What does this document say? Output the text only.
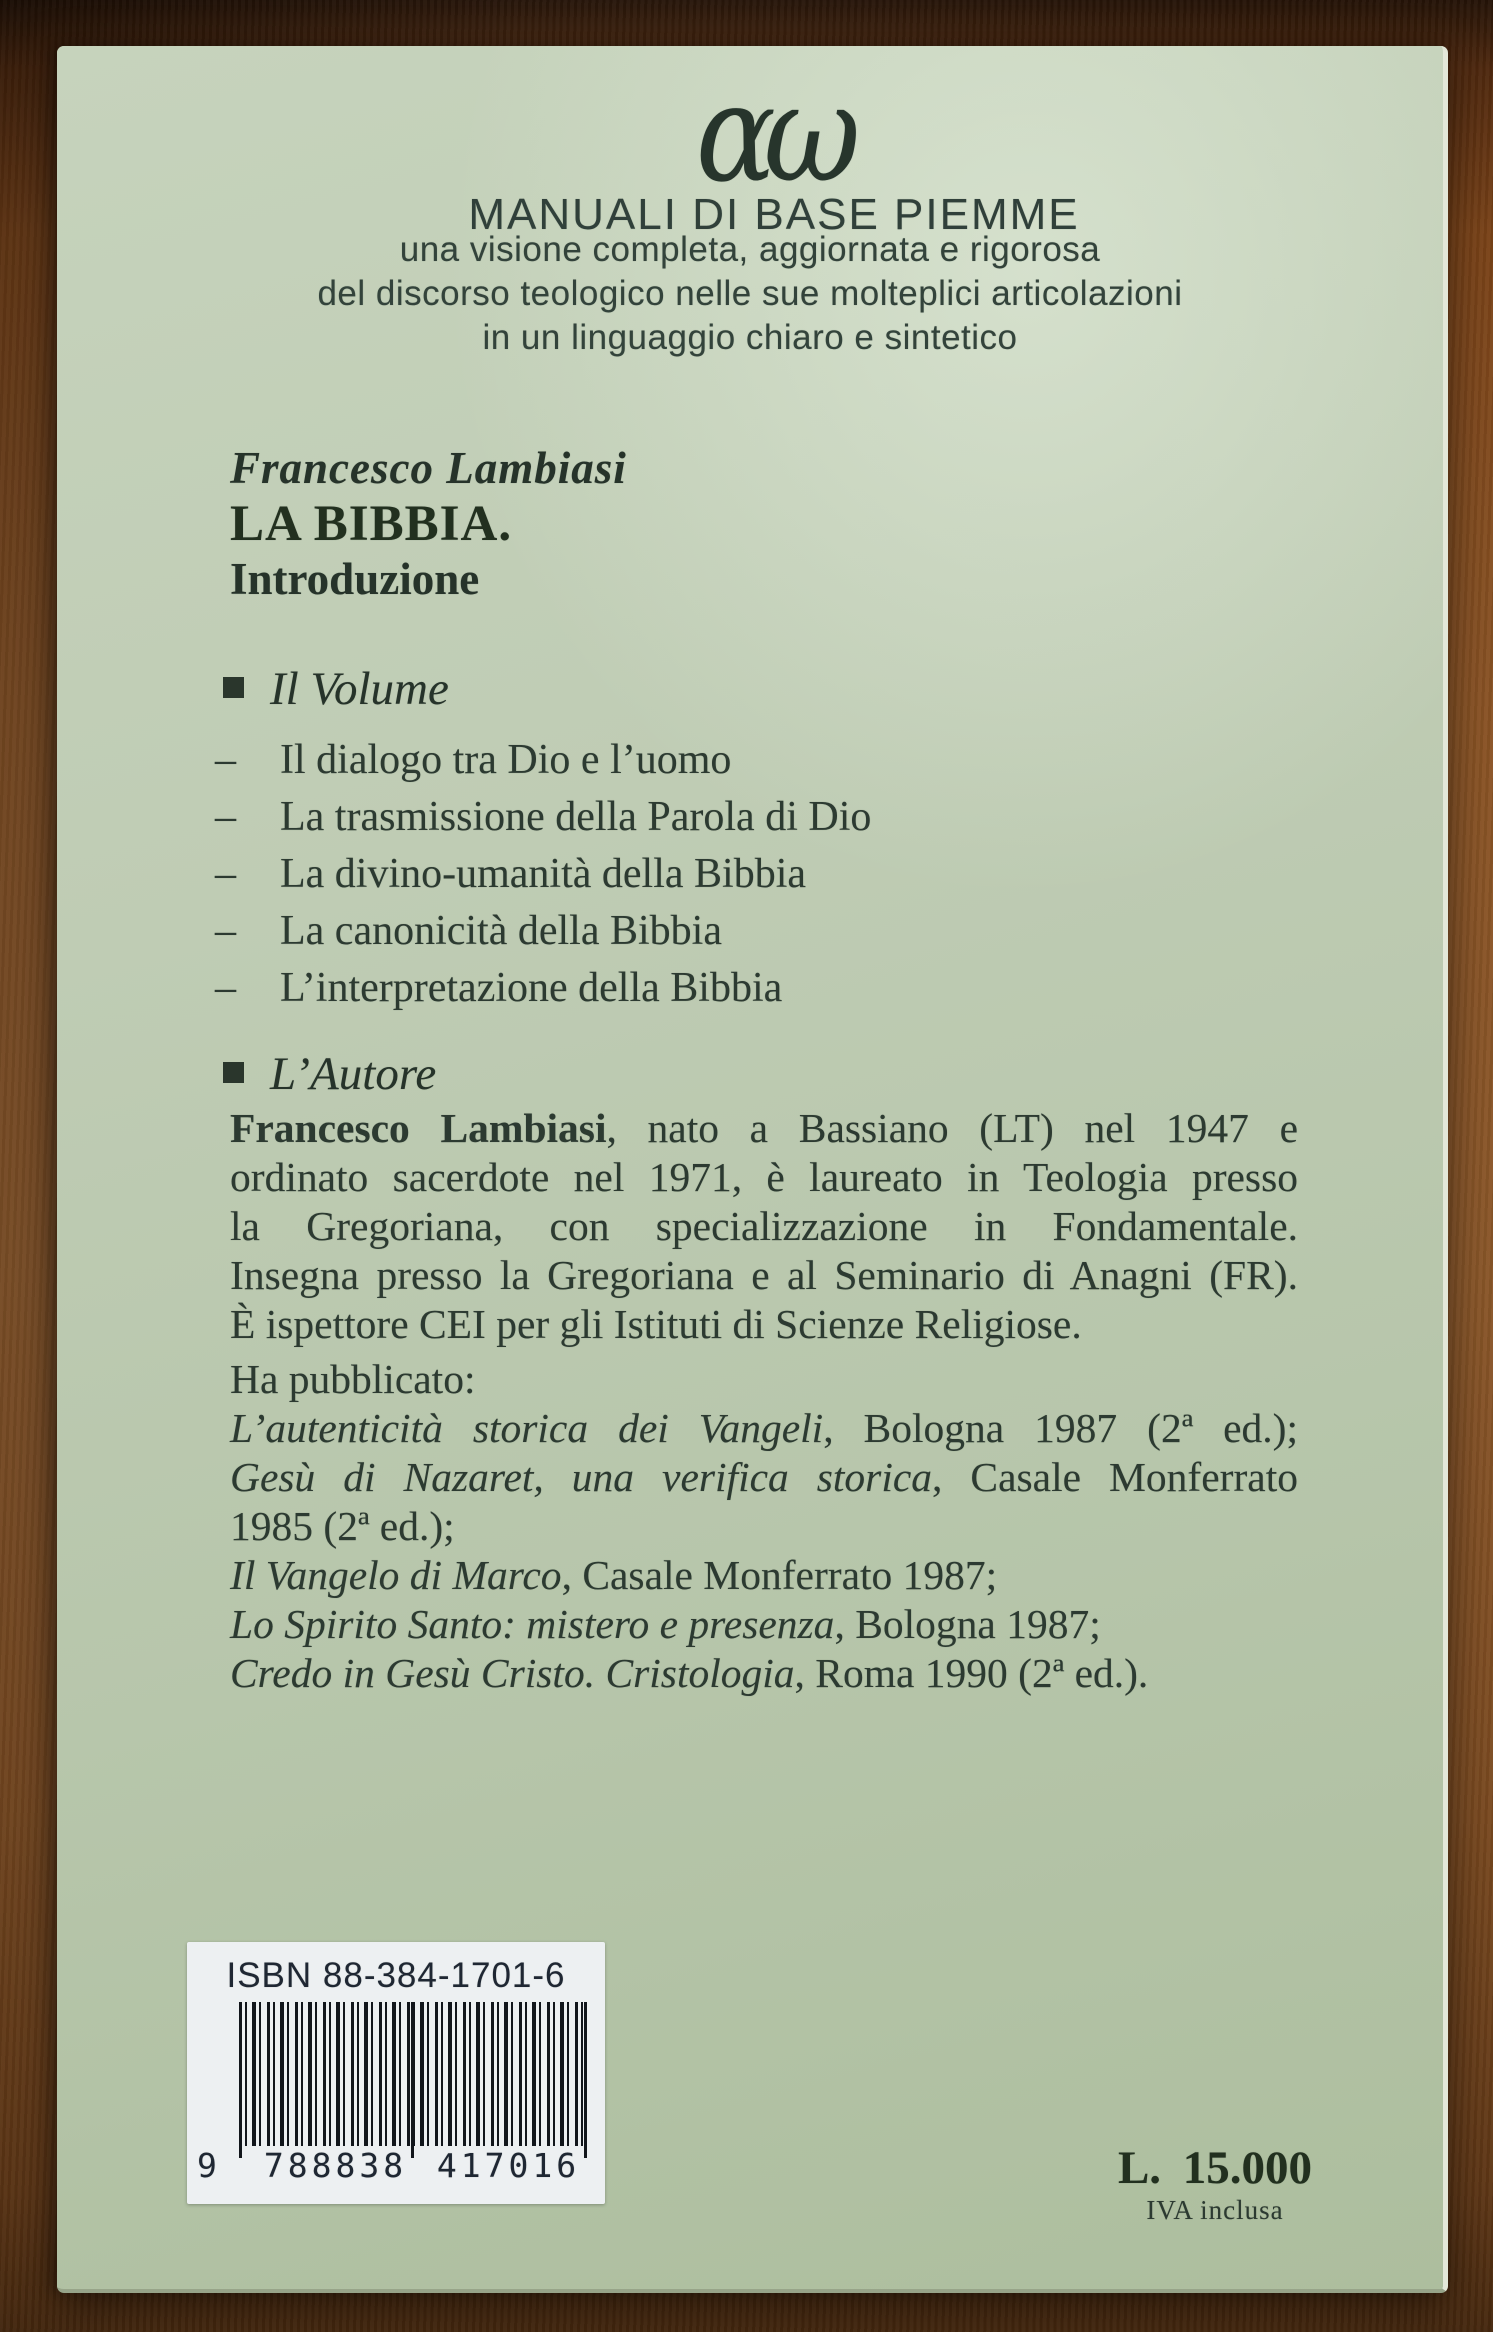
αω
MANUALI DI BASE PIEMME
una visione completa, aggiornata e rigorosa
del discorso teologico nelle sue molteplici articolazioni
in un linguaggio chiaro e sintetico
Francesco Lambiasi
LA BIBBIA.
Introduzione
Il Volume
–	Il dialogo tra Dio e l’uomo
–	La trasmissione della Parola di Dio
–	La divino-umanità della Bibbia
–	La canonicità della Bibbia
–	L’interpretazione della Bibbia
L’Autore
Francesco Lambiasi, nato a Bassiano (LT) nel 1947 e
ordinato sacerdote nel 1971, è laureato in Teologia presso
la Gregoriana, con specializzazione in Fondamentale.
Insegna presso la Gregoriana e al Seminario di Anagni (FR).
È ispettore CEI per gli Istituti di Scienze Religiose.
Ha pubblicato:
L’autenticità storica dei Vangeli, Bologna 1987 (2ª ed.);
Gesù di Nazaret, una verifica storica, Casale Monferrato
1985 (2ª ed.);
Il Vangelo di Marco, Casale Monferrato 1987;
Lo Spirito Santo: mistero e presenza, Bologna 1987;
Credo in Gesù Cristo. Cristologia, Roma 1990 (2ª ed.).
ISBN 88-384-1701-6
9	788838 417016	L. 15.000
IVA inclusa
